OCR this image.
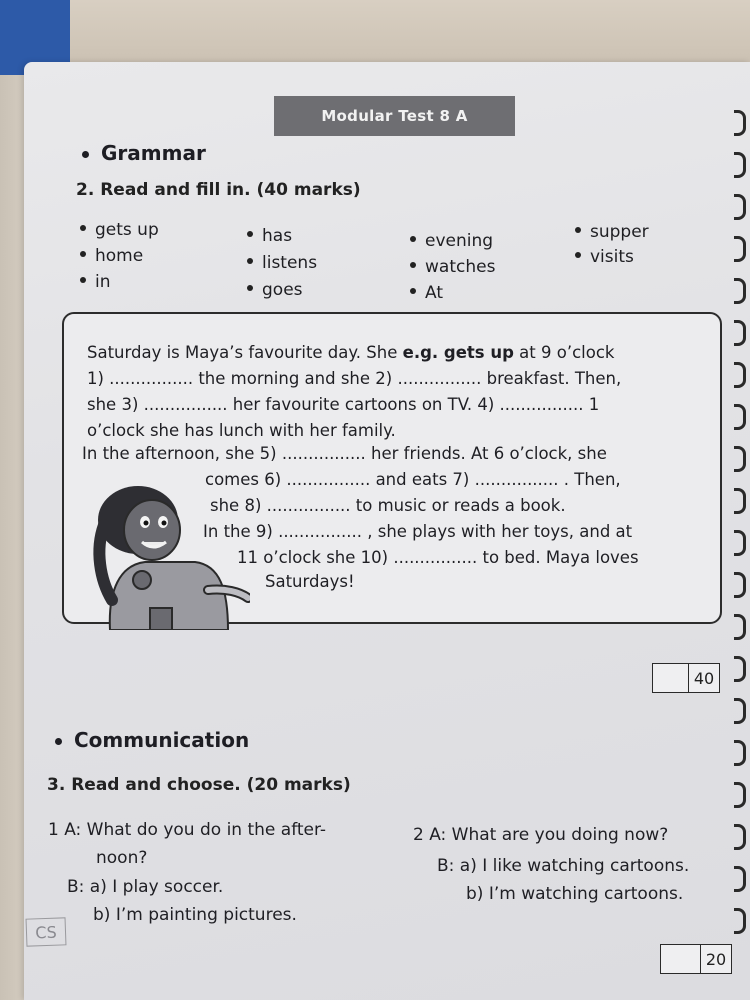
Modular Test 8 A
Grammar
2. Read and fill in. (40 marks)
gets up
home
in
has
listens
goes
evening
watches
At
supper
visits
Saturday is Maya’s favourite day. She e.g. gets up at 9 o’clock
1) ................ the morning and she 2) ................ breakfast. Then,
she 3) ................ her favourite cartoons on TV. 4) ................ 1
o’clock she has lunch with her family.
In the afternoon, she 5) ................ her friends. At 6 o’clock, she
comes 6) ................ and eats 7) ................ . Then,
she 8) ................ to music or reads a book.
In the 9) ................ , she plays with her toys, and at
11 o’clock she 10) ................ to bed. Maya loves
Saturdays!
40
Communication
3. Read and choose. (20 marks)
1 A: What do you do in the after-
noon?
B: a) I play soccer.
b) I’m painting pictures.
2 A: What are you doing now?
B: a) I like watching cartoons.
b) I’m watching cartoons.
20
CS
